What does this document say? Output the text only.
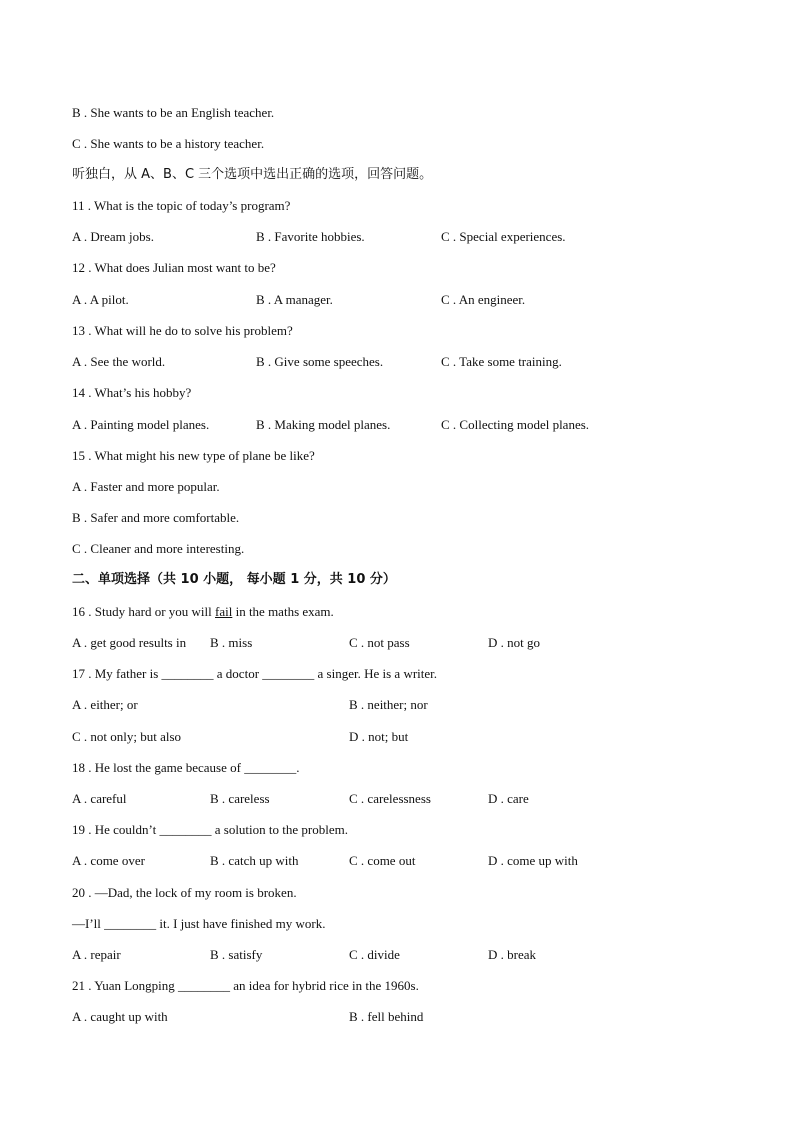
B . She wants to be an English teacher.
C . She wants to be a history teacher.
听独白，从 A、B、C 三个选项中选出正确的选项，回答问题。
11 . What is the topic of today’s program?
A . Dream jobs.	B . Favorite hobbies.	C . Special experiences.
12 . What does Julian most want to be?
A . A pilot.	B . A manager.	C . An engineer.
13 . What will he do to solve his problem?
A . See the world.	B . Give some speeches.	C . Take some training.
14 . What’s his hobby?
A . Painting model planes.	B . Making model planes.	C . Collecting model planes.
15 . What might his new type of plane be like?
A . Faster and more popular.
B . Safer and more comfortable.
C . Cleaner and more interesting.
二、单项选择（共 10 小题， 每小题 1 分，共 10 分）
16 . Study hard or you will fail in the maths exam.
A . get good results in B . miss	C . not pass	D . not go
17 . My father is ________ a doctor ________ a singer. He is a writer.
A . either; or	B . neither; nor
C . not only; but also	D . not; but
18 . He lost the game because of ________.
A . careful	B . careless	C . carelessness	D . care
19 . He couldn’t ________ a solution to the problem.
A . come over	B . catch up with	C . come out	D . come up with
20 . —Dad, the lock of my room is broken.
—I’ll ________ it. I just have finished my work.
A . repair	B . satisfy	C . divide	D . break
21 . Yuan Longping ________ an idea for hybrid rice in the 1960s.
A . caught up with	B . fell behind
